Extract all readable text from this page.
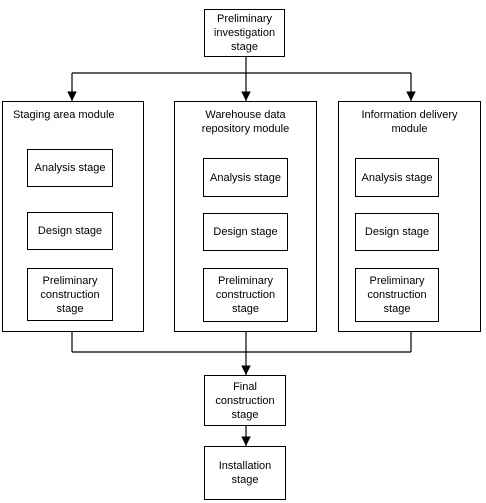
Preliminary
investigation
stage
Staging area module
Analysis stage
Design stage
Preliminary
construction
stage
Warehouse data
repository module
Analysis stage
Design stage
Preliminary
construction
stage
Information delivery
module
Analysis stage
Design stage
Preliminary
construction
stage
Final
construction
stage
Installation
stage
